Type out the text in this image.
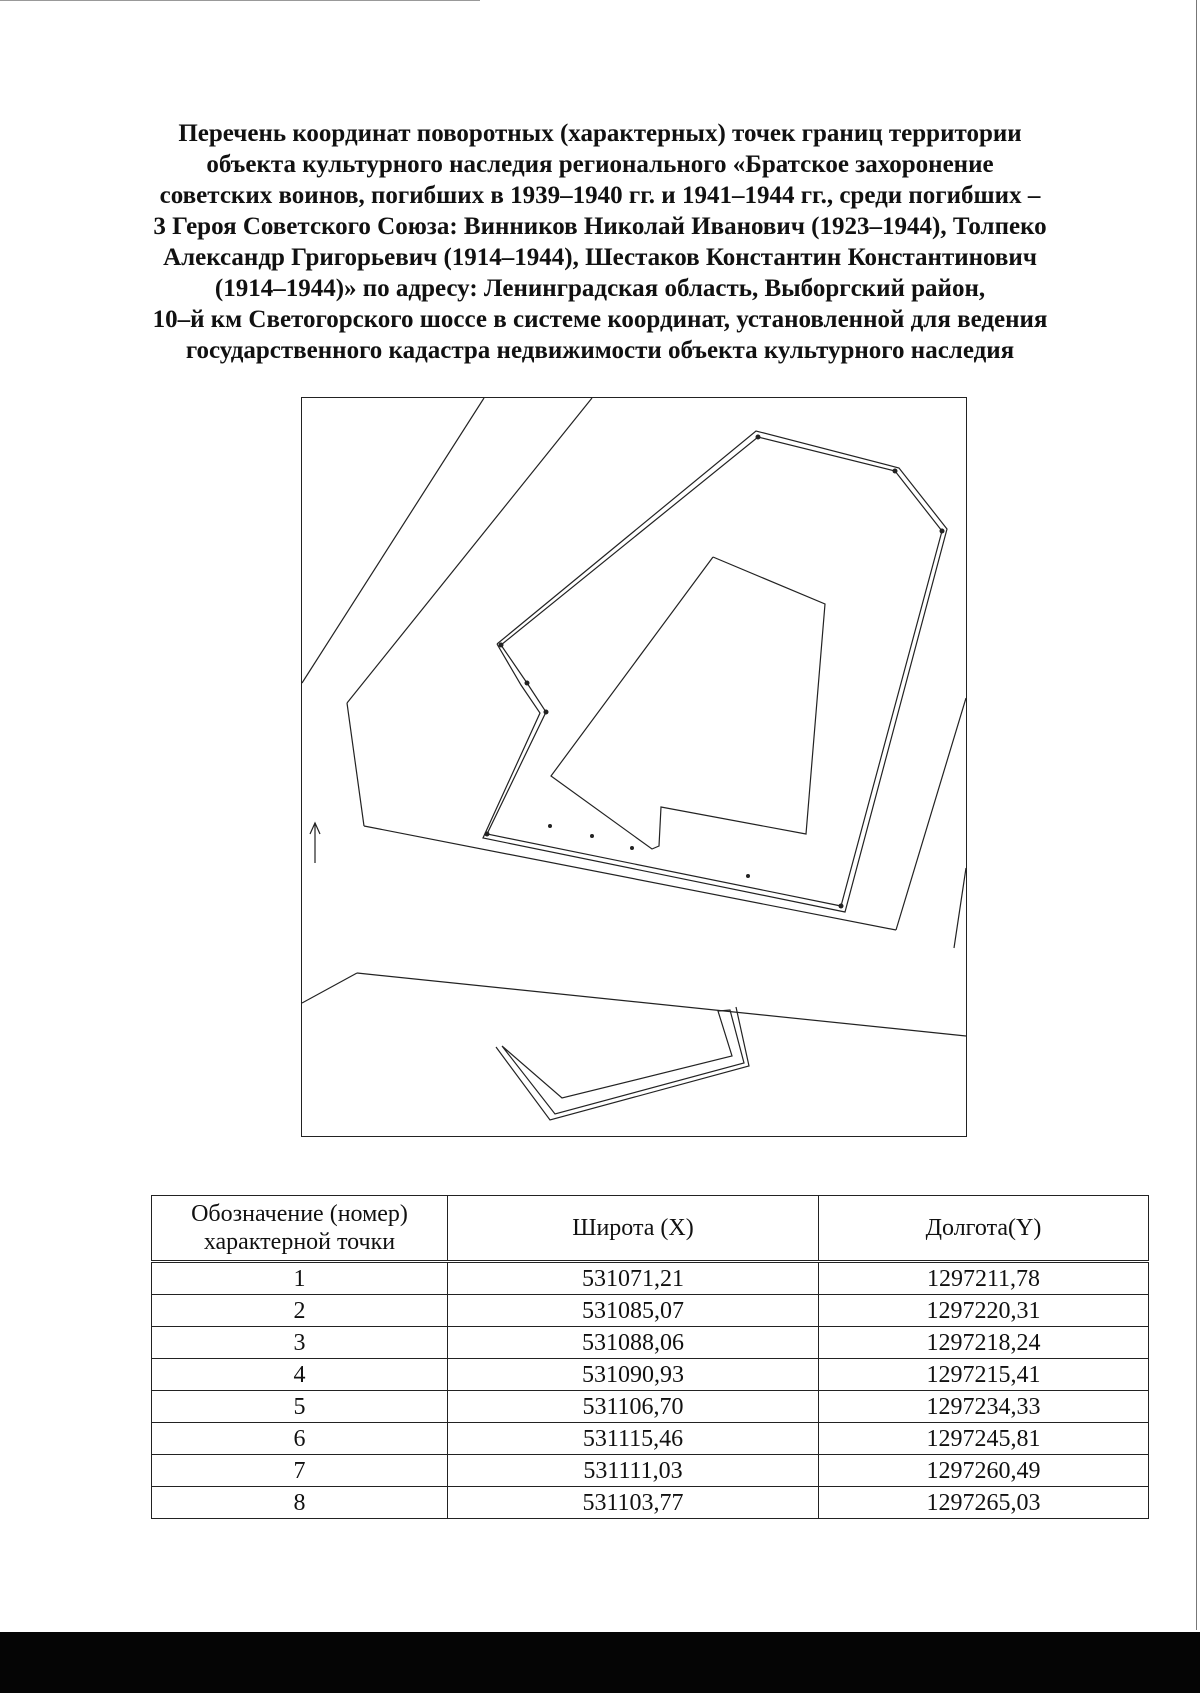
Перечень координат поворотных (характерных) точек границ территории
объекта культурного наследия регионального «Братское захоронение
советских воинов, погибших в 1939–1940 гг. и 1941–1944 гг., среди погибших –
3 Героя Советского Союза: Винников Николай Иванович (1923–1944), Толпеко
Александр Григорьевич (1914–1944), Шестаков Константин Константинович
(1914–1944)» по адресу: Ленинградская область, Выборгский район,
10–й км Светогорского шоссе в системе координат, установленной для ведения
государственного кадастра недвижимости объекта культурного наследия
Обозначение (номер) характерной точки	Широта (X)	Долгота(Y)
1	531071,21	1297211,78
2	531085,07	1297220,31
3	531088,06	1297218,24
4	531090,93	1297215,41
5	531106,70	1297234,33
6	531115,46	1297245,81
7	531111,03	1297260,49
8	531103,77	1297265,03
